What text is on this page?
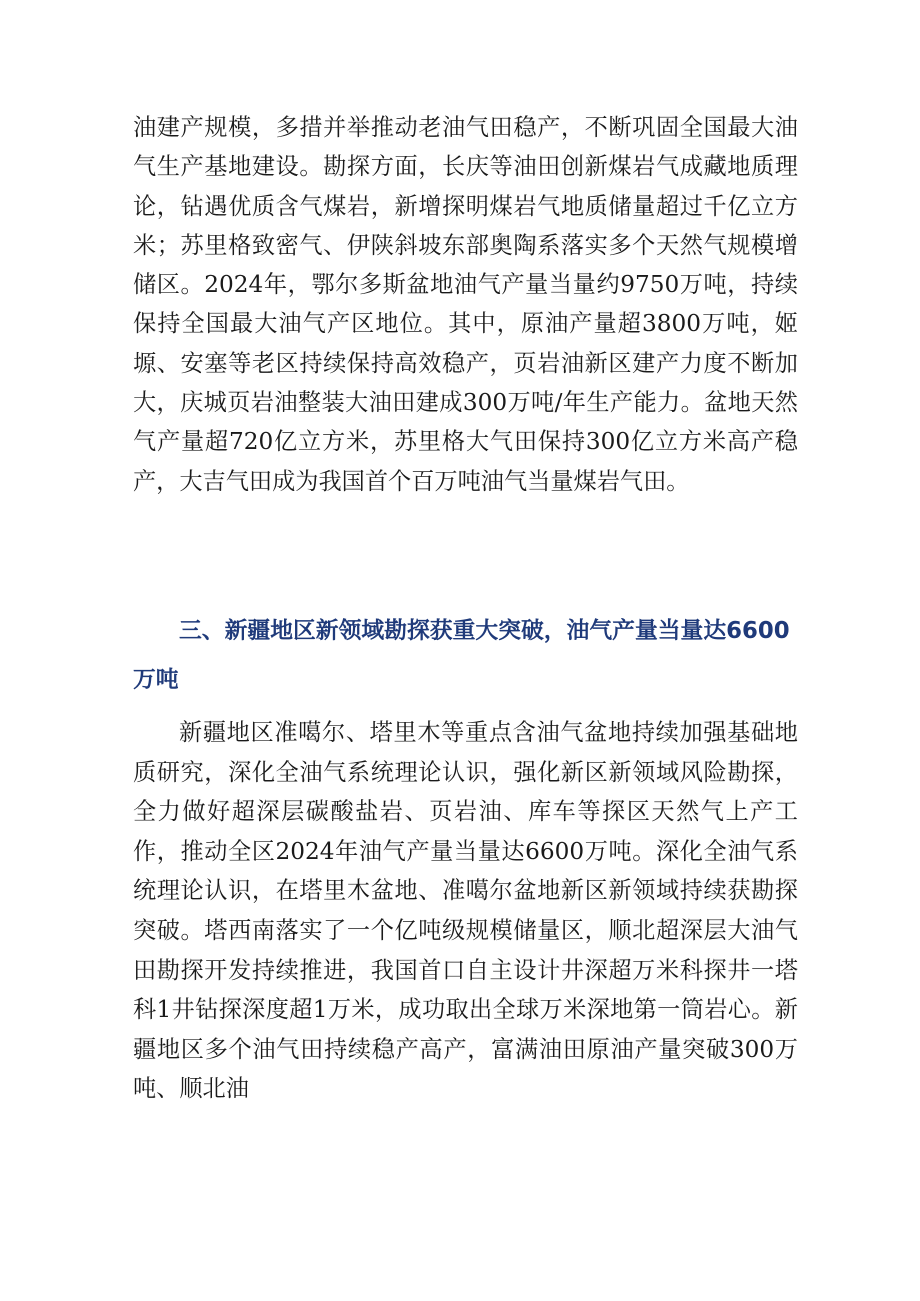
油建产规模，多措并举推动老油气田稳产，不断巩固全国最大油气生产基地建设。勘探方面，长庆等油田创新煤岩气成藏地质理论，钻遇优质含气煤岩，新增探明煤岩气地质储量超过千亿立方米；苏里格致密气、伊陕斜坡东部奥陶系落实多个天然气规模增储区。2024年，鄂尔多斯盆地油气产量当量约9750万吨，持续保持全国最大油气产区地位。其中，原油产量超3800万吨，姬塬、安塞等老区持续保持高效稳产，页岩油新区建产力度不断加大，庆城页岩油整装大油田建成300万吨/年生产能力。盆地天然气产量超720亿立方米，苏里格大气田保持300亿立方米高产稳产，大吉气田成为我国首个百万吨油气当量煤岩气田。
三、新疆地区新领域勘探获重大突破，油气产量当量达6600万吨
新疆地区准噶尔、塔里木等重点含油气盆地持续加强基础地质研究，深化全油气系统理论认识，强化新区新领域风险勘探，全力做好超深层碳酸盐岩、页岩油、库车等探区天然气上产工作，推动全区2024年油气产量当量达6600万吨。深化全油气系统理论认识，在塔里木盆地、准噶尔盆地新区新领域持续获勘探突破。塔西南落实了一个亿吨级规模储量区，顺北超深层大油气田勘探开发持续推进，我国首口自主设计井深超万米科探井一塔科1井钻探深度超1万米，成功取出全球万米深地第一筒岩心。新疆地区多个油气田持续稳产高产，富满油田原油产量突破300万吨、顺北油
